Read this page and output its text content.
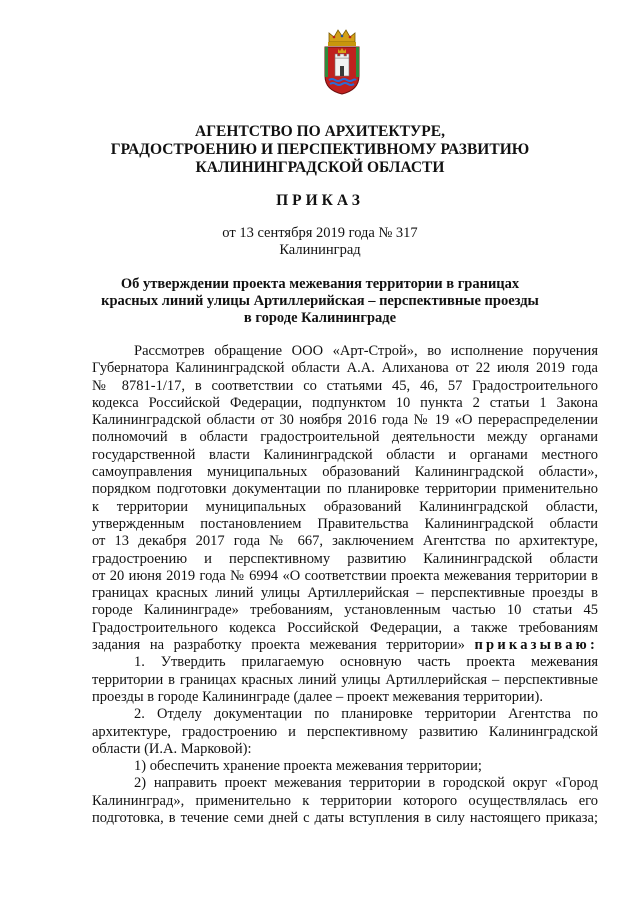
АГЕНТСТВО ПО АРХИТЕКТУРЕ,
ГРАДОСТРОЕНИЮ И ПЕРСПЕКТИВНОМУ РАЗВИТИЮ
КАЛИНИНГРАДСКОЙ ОБЛАСТИ
ПРИКАЗ
от 13 сентября 2019 года № 317
Калининград
Об утверждении проекта межевания территории в границах
красных линий улицы Артиллерийская – перспективные проезды
в городе Калининграде
Рассмотрев обращение ООО «Арт-Строй», во исполнение поручения
Губернатора Калининградской области А.А. Алиханова от 22 июля 2019 года
№ 8781-1/17, в соответствии со статьями 45, 46, 57 Градостроительного
кодекса Российской Федерации, подпунктом 10 пункта 2 статьи 1 Закона
Калининградской области от 30 ноября 2016 года № 19 «О перераспределении
полномочий в области градостроительной деятельности между органами
государственной власти Калининградской области и органами местного
самоуправления муниципальных образований Калининградской области»,
порядком подготовки документации по планировке территории применительно
к территории муниципальных образований Калининградской области,
утвержденным постановлением Правительства Калининградской области
от 13 декабря 2017 года № 667, заключением Агентства по архитектуре,
градостроению и перспективному развитию Калининградской области
от 20 июня 2019 года № 6994 «О соответствии проекта межевания территории в
границах красных линий улицы Артиллерийская – перспективные проезды в
городе Калининграде» требованиям, установленным частью 10 статьи 45
Градостроительного кодекса Российской Федерации, а также требованиям
задания на разработку проекта межевания территории» приказываю:
1. Утвердить прилагаемую основную часть проекта межевания
территории в границах красных линий улицы Артиллерийская – перспективные
проезды в городе Калининграде (далее – проект межевания территории).
2. Отделу документации по планировке территории Агентства по
архитектуре, градостроению и перспективному развитию Калининградской
области (И.А. Марковой):
1) обеспечить хранение проекта межевания территории;
2) направить проект межевания территории в городской округ «Город
Калининград», применительно к территории которого осуществлялась его
подготовка, в течение семи дней с даты вступления в силу настоящего приказа;
